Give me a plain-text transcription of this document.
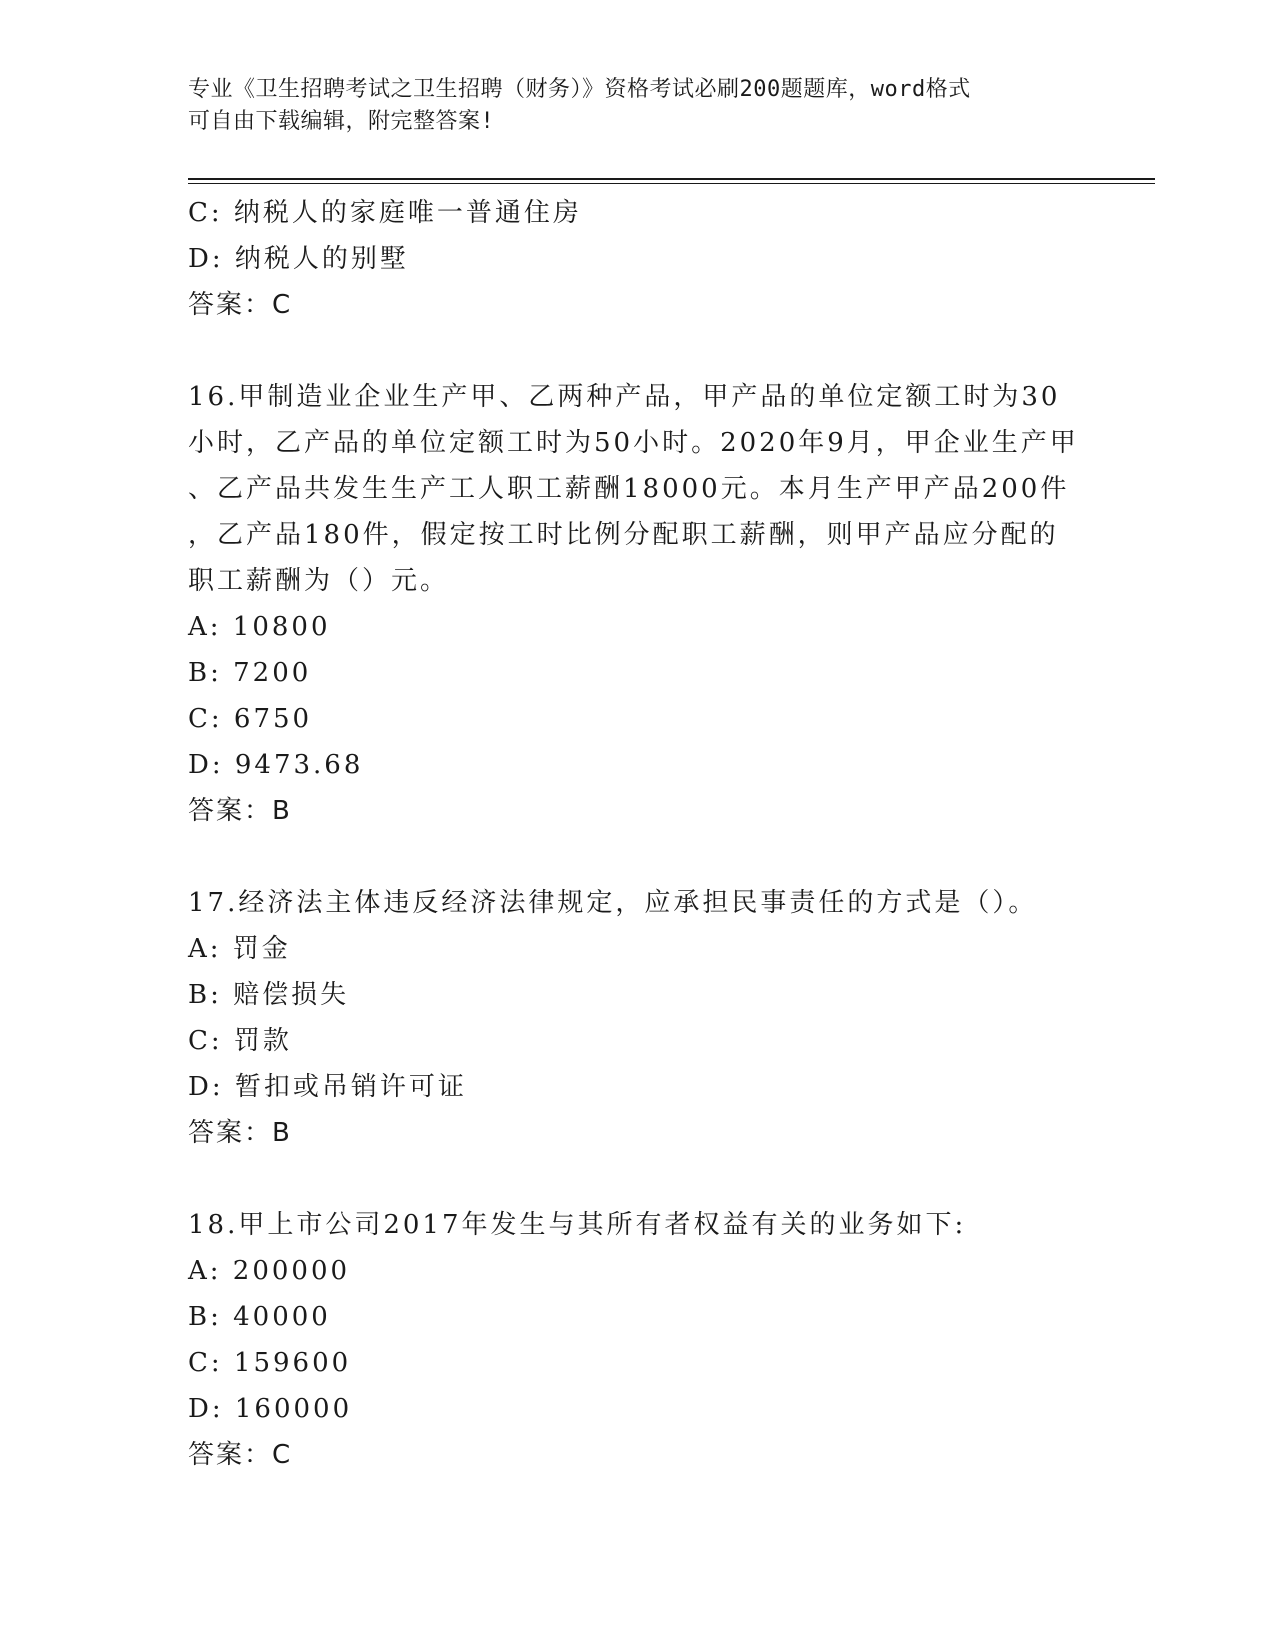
专业《卫生招聘考试之卫生招聘（财务）》资格考试必刷200题题库，word格式
可自由下载编辑，附完整答案!
C: 纳税人的家庭唯一普通住房
D: 纳税人的别墅
答案：C
16.甲制造业企业生产甲、乙两种产品，甲产品的单位定额工时为30
小时，乙产品的单位定额工时为50小时。2020年9月，甲企业生产甲
、乙产品共发生生产工人职工薪酬18000元。本月生产甲产品200件
，乙产品180件，假定按工时比例分配职工薪酬，则甲产品应分配的
职工薪酬为（）元。
A: 10800
B: 7200
C: 6750
D: 9473.68
答案：B
17.经济法主体违反经济法律规定，应承担民事责任的方式是（）。
A: 罚金
B: 赔偿损失
C: 罚款
D: 暂扣或吊销许可证
答案：B
18.甲上市公司2017年发生与其所有者权益有关的业务如下:
A: 200000
B: 40000
C: 159600
D: 160000
答案：C
